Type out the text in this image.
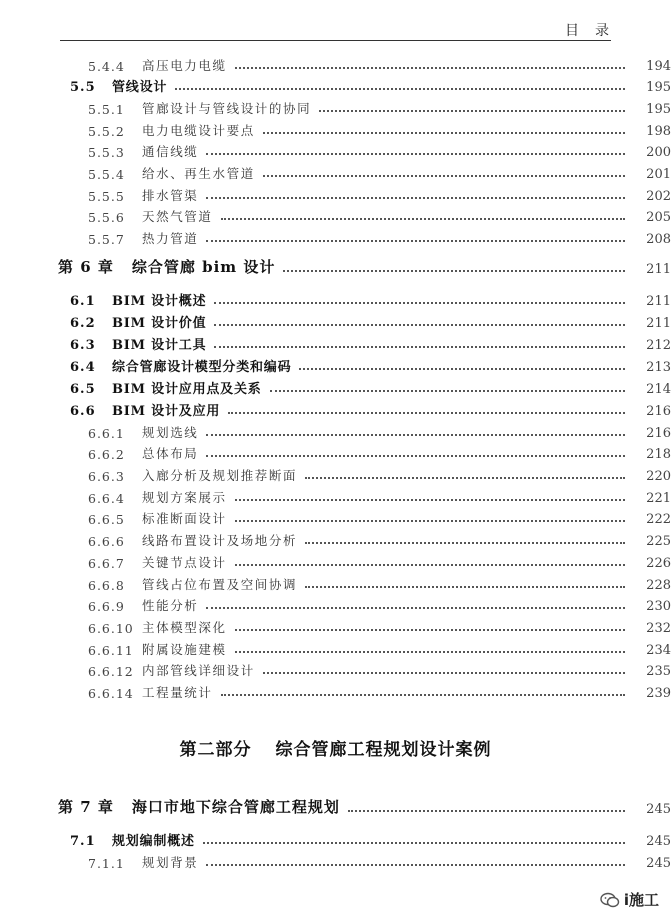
目录
5.4.4	高压电力电缆	194
5.5	管线设计	195
5.5.1	管廊设计与管线设计的协同	195
5.5.2	电力电缆设计要点	198
5.5.3	通信线缆	200
5.5.4	给水、再生水管道	201
5.5.5	排水管渠	202
5.5.6	天然气管道	205
5.5.7	热力管道	208
第 6 章	综合管廊 bim 设计	211
6.1	BIM 设计概述	211
6.2	BIM 设计价值	211
6.3	BIM 设计工具	212
6.4	综合管廊设计模型分类和编码	213
6.5	BIM 设计应用点及关系	214
6.6	BIM 设计及应用	216
6.6.1	规划选线	216
6.6.2	总体布局	218
6.6.3	入廊分析及规划推荐断面	220
6.6.4	规划方案展示	221
6.6.5	标准断面设计	222
6.6.6	线路布置设计及场地分析	225
6.6.7	关键节点设计	226
6.6.8	管线占位布置及空间协调	228
6.6.9	性能分析	230
6.6.10 主体模型深化	232
6.6.11 附属设施建模	234
6.6.12 内部管线详细设计	235
6.6.14 工程量统计	239
第 7 章	海口市地下综合管廊工程规划	245
7.1	规划编制概述	245
7.1.1	规划背景	245
第二部分 综合管廊工程规划设计案例
i施工
